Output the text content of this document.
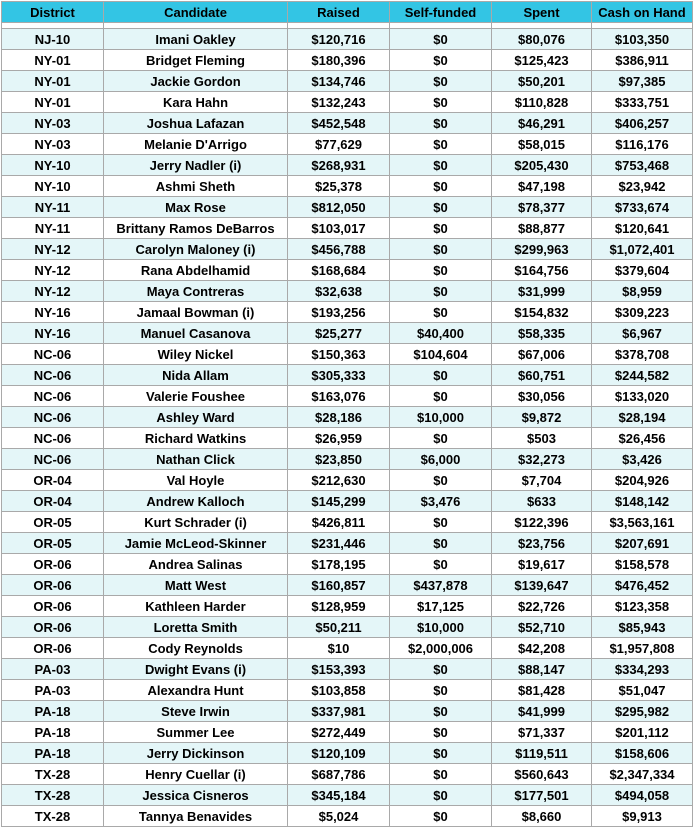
District	Candidate	Raised	Self-funded	Spent	Cash on Hand

NJ-10	Imani Oakley	$120,716	$0	$80,076	$103,350
NY-01	Bridget Fleming	$180,396	$0	$125,423	$386,911
NY-01	Jackie Gordon	$134,746	$0	$50,201	$97,385
NY-01	Kara Hahn	$132,243	$0	$110,828	$333,751
NY-03	Joshua Lafazan	$452,548	$0	$46,291	$406,257
NY-03	Melanie D'Arrigo	$77,629	$0	$58,015	$116,176
NY-10	Jerry Nadler (i)	$268,931	$0	$205,430	$753,468
NY-10	Ashmi Sheth	$25,378	$0	$47,198	$23,942
NY-11	Max Rose	$812,050	$0	$78,377	$733,674
NY-11	Brittany Ramos DeBarros	$103,017	$0	$88,877	$120,641
NY-12	Carolyn Maloney (i)	$456,788	$0	$299,963	$1,072,401
NY-12	Rana Abdelhamid	$168,684	$0	$164,756	$379,604
NY-12	Maya Contreras	$32,638	$0	$31,999	$8,959
NY-16	Jamaal Bowman (i)	$193,256	$0	$154,832	$309,223
NY-16	Manuel Casanova	$25,277	$40,400	$58,335	$6,967
NC-06	Wiley Nickel	$150,363	$104,604	$67,006	$378,708
NC-06	Nida Allam	$305,333	$0	$60,751	$244,582
NC-06	Valerie Foushee	$163,076	$0	$30,056	$133,020
NC-06	Ashley Ward	$28,186	$10,000	$9,872	$28,194
NC-06	Richard Watkins	$26,959	$0	$503	$26,456
NC-06	Nathan Click	$23,850	$6,000	$32,273	$3,426
OR-04	Val Hoyle	$212,630	$0	$7,704	$204,926
OR-04	Andrew Kalloch	$145,299	$3,476	$633	$148,142
OR-05	Kurt Schrader (i)	$426,811	$0	$122,396	$3,563,161
OR-05	Jamie McLeod-Skinner	$231,446	$0	$23,756	$207,691
OR-06	Andrea Salinas	$178,195	$0	$19,617	$158,578
OR-06	Matt West	$160,857	$437,878	$139,647	$476,452
OR-06	Kathleen Harder	$128,959	$17,125	$22,726	$123,358
OR-06	Loretta Smith	$50,211	$10,000	$52,710	$85,943
OR-06	Cody Reynolds	$10	$2,000,006	$42,208	$1,957,808
PA-03	Dwight Evans (i)	$153,393	$0	$88,147	$334,293
PA-03	Alexandra Hunt	$103,858	$0	$81,428	$51,047
PA-18	Steve Irwin	$337,981	$0	$41,999	$295,982
PA-18	Summer Lee	$272,449	$0	$71,337	$201,112
PA-18	Jerry Dickinson	$120,109	$0	$119,511	$158,606
TX-28	Henry Cuellar (i)	$687,786	$0	$560,643	$2,347,334
TX-28	Jessica Cisneros	$345,184	$0	$177,501	$494,058
TX-28	Tannya Benavides	$5,024	$0	$8,660	$9,913
